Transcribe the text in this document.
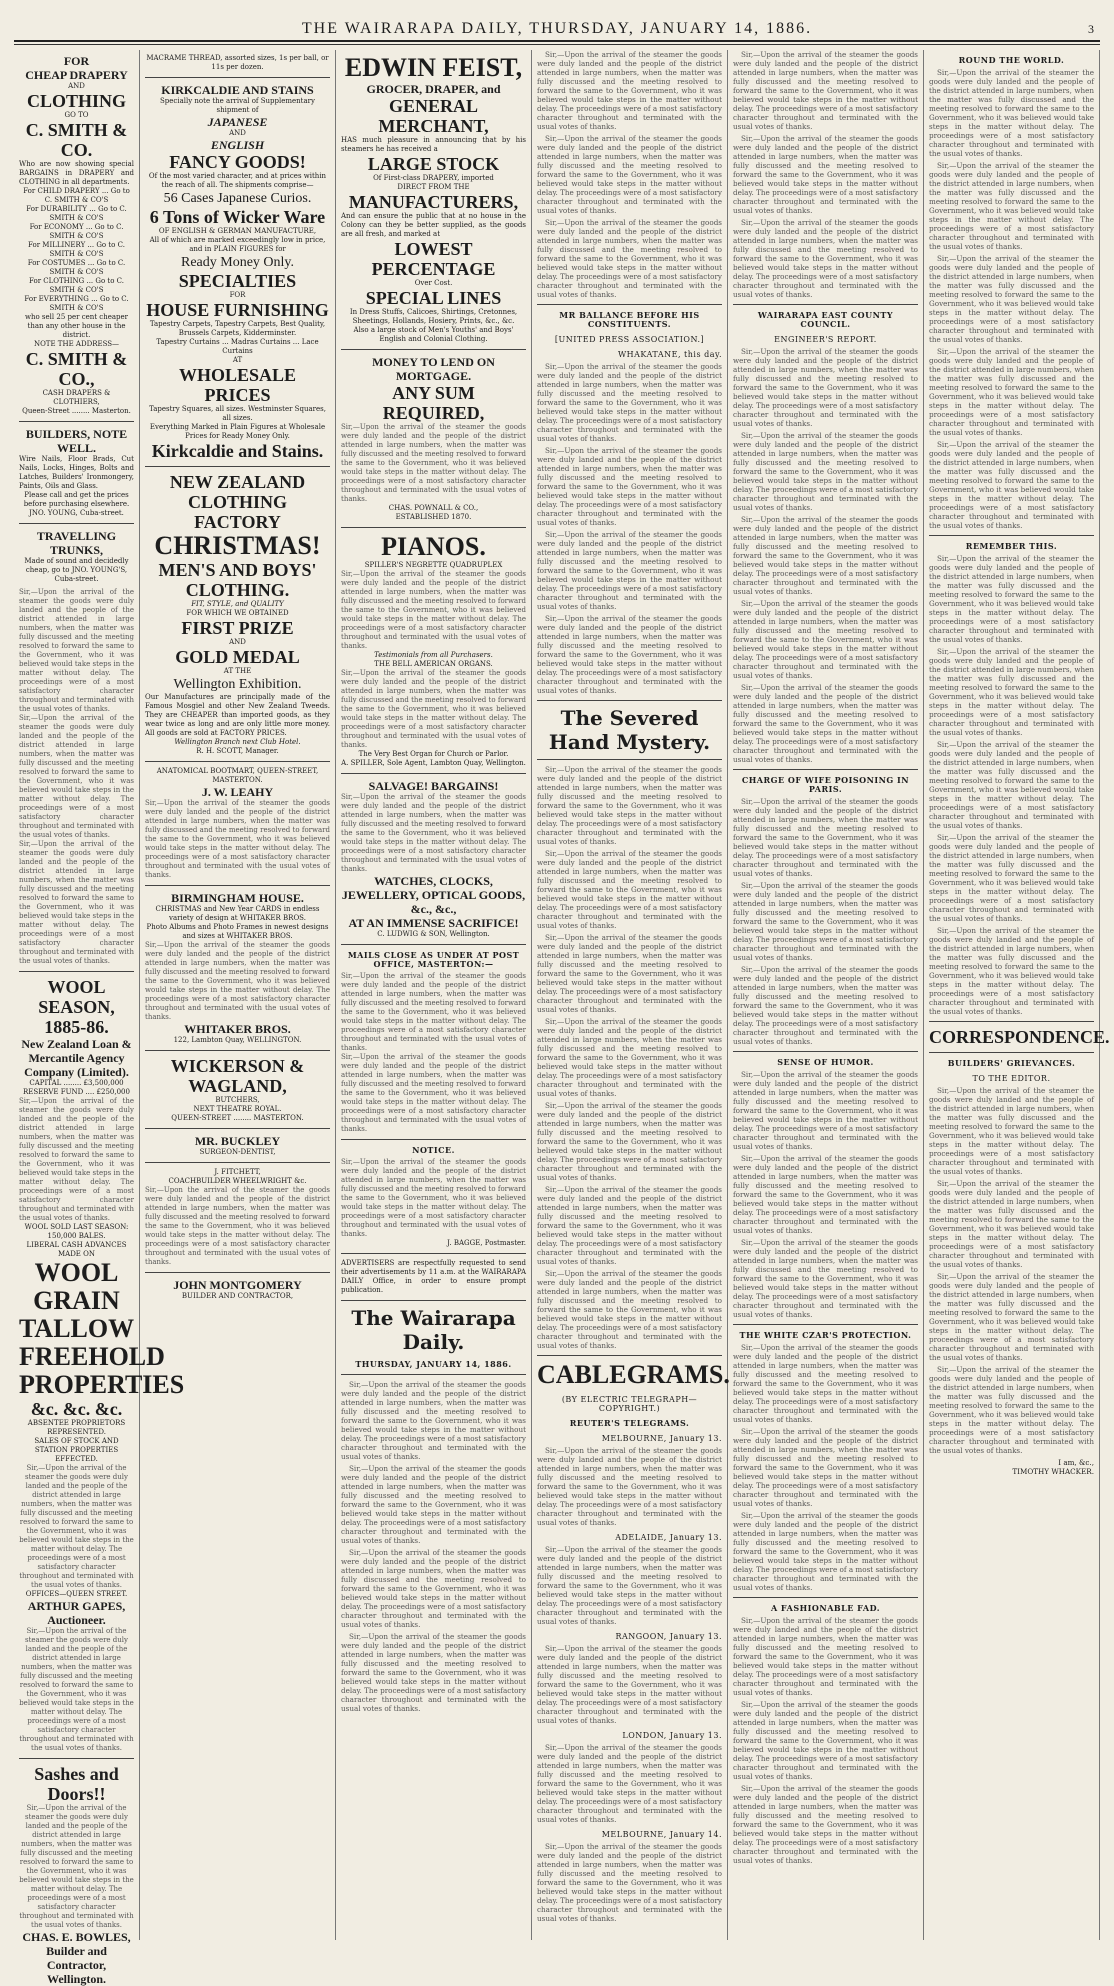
THE WAIRARAPA DAILY, THURSDAY, JANUARY 14, 1886.	3
FOR
CHEAP DRAPERY
AND
CLOTHING
GO TO
C. SMITH & CO.
Who are now showing special BARGAINS in DRAPERY and CLOTHING in all departments.
For CHILD DRAPERY ... Go to C. SMITH & CO'S
For DURABILITY ... Go to C. SMITH & CO'S
For ECONOMY ... Go to C. SMITH & CO'S
For MILLINERY ... Go to C. SMITH & CO'S
For COSTUMES ... Go to C. SMITH & CO'S
For CLOTHING ... Go to C. SMITH & CO'S
For EVERYTHING ... Go to C. SMITH & CO'S
who sell 25 per cent cheaper than any other house in the district.
NOTE THE ADDRESS—
C. SMITH & CO.,
CASH DRAPERS & CLOTHIERS,
Queen-Street ........ Masterton.
BUILDERS, NOTE WELL.
Wire Nails, Floor Brads, Cut Nails, Locks, Hinges, Bolts and Latches, Builders' Ironmongery, Paints, Oils and Glass.
Please call and get the prices before purchasing elsewhere.
JNO. YOUNG, Cuba-street.
TRAVELLING TRUNKS,
Made of sound and decidedly cheap, go to JNO. YOUNG'S, Cuba-street.
Sir,—Upon the arrival of the steamer the goods were duly landed and the people of the district attended in large numbers, when the matter was fully discussed and the meeting resolved to forward the same to the Government, who it was believed would take steps in the matter without delay. The proceedings were of a most satisfactory character throughout and terminated with the usual votes of thanks.
Sir,—Upon the arrival of the steamer the goods were duly landed and the people of the district attended in large numbers, when the matter was fully discussed and the meeting resolved to forward the same to the Government, who it was believed would take steps in the matter without delay. The proceedings were of a most satisfactory character throughout and terminated with the usual votes of thanks.
Sir,—Upon the arrival of the steamer the goods were duly landed and the people of the district attended in large numbers, when the matter was fully discussed and the meeting resolved to forward the same to the Government, who it was believed would take steps in the matter without delay. The proceedings were of a most satisfactory character throughout and terminated with the usual votes of thanks.
WOOL SEASON, 1885-86.
New Zealand Loan & Mercantile Agency Company (Limited).
CAPITAL ........ £3,500,000
RESERVE FUND .... £250,000
Sir,—Upon the arrival of the steamer the goods were duly landed and the people of the district attended in large numbers, when the matter was fully discussed and the meeting resolved to forward the same to the Government, who it was believed would take steps in the matter without delay. The proceedings were of a most satisfactory character throughout and terminated with the usual votes of thanks.
WOOL SOLD LAST SEASON: 150,000 BALES.
LIBERAL CASH ADVANCES MADE ON
WOOL
GRAIN
TALLOW
FREEHOLD
PROPERTIES
&c. &c. &c.
ABSENTEE PROPRIETORS REPRESENTED.
SALES OF STOCK AND STATION PROPERTIES EFFECTED.
Sir,—Upon the arrival of the steamer the goods were duly landed and the people of the district attended in large numbers, when the matter was fully discussed and the meeting resolved to forward the same to the Government, who it was believed would take steps in the matter without delay. The proceedings were of a most satisfactory character throughout and terminated with the usual votes of thanks.
OFFICES—QUEEN STREET.
ARTHUR GAPES, Auctioneer.
Sir,—Upon the arrival of the steamer the goods were duly landed and the people of the district attended in large numbers, when the matter was fully discussed and the meeting resolved to forward the same to the Government, who it was believed would take steps in the matter without delay. The proceedings were of a most satisfactory character throughout and terminated with the usual votes of thanks.
Sashes and Doors!!
Sir,—Upon the arrival of the steamer the goods were duly landed and the people of the district attended in large numbers, when the matter was fully discussed and the meeting resolved to forward the same to the Government, who it was believed would take steps in the matter without delay. The proceedings were of a most satisfactory character throughout and terminated with the usual votes of thanks.
CHAS. E. BOWLES, Builder and Contractor, Wellington.
MACRAME THREAD, assorted sizes, 1s per ball, or 11s per dozen.
KIRKCALDIE AND STAINS
Specially note the arrival of Supplementary shipment of
JAPANESE
AND
ENGLISH
FANCY GOODS!
Of the most varied character, and at prices within the reach of all. The shipments comprise—
56 Cases Japanese Curios.
6 Tons of Wicker Ware
OF ENGLISH & GERMAN MANUFACTURE,
All of which are marked exceedingly low in price, and in PLAIN FIGURES for
Ready Money Only.
SPECIALTIES
FOR
HOUSE FURNISHING
Tapestry Carpets, Tapestry Carpets, Best Quality, Brussels Carpets, Kidderminster.
Tapestry Curtains ... Madras Curtains ... Lace Curtains
AT
WHOLESALE PRICES
Tapestry Squares, all sizes. Westminster Squares, all sizes.
Everything Marked in Plain Figures at Wholesale Prices for Ready Money Only.
Kirkcaldie and Stains.
NEW ZEALAND CLOTHING
FACTORY
CHRISTMAS!
MEN'S AND BOYS'
CLOTHING.
FIT, STYLE, and QUALITY
FOR WHICH WE OBTAINED
FIRST PRIZE
AND
GOLD MEDAL
AT THE
Wellington Exhibition.
Our Manufactures are principally made of the Famous Mosgiel and other New Zealand Tweeds. They are CHEAPER than imported goods, as they wear twice as long and are only little more money. All goods are sold at FACTORY PRICES.
Wellington Branch next Club Hotel.
R. H. SCOTT, Manager.
ANATOMICAL BOOTMART, QUEEN-STREET, MASTERTON.
J. W. LEAHY
Sir,—Upon the arrival of the steamer the goods were duly landed and the people of the district attended in large numbers, when the matter was fully discussed and the meeting resolved to forward the same to the Government, who it was believed would take steps in the matter without delay. The proceedings were of a most satisfactory character throughout and terminated with the usual votes of thanks.
BIRMINGHAM HOUSE.
CHRISTMAS and New Year CARDS in endless variety of design at WHITAKER BROS.
Photo Albums and Photo Frames in newest designs and sizes at WHITAKER BROS.
Sir,—Upon the arrival of the steamer the goods were duly landed and the people of the district attended in large numbers, when the matter was fully discussed and the meeting resolved to forward the same to the Government, who it was believed would take steps in the matter without delay. The proceedings were of a most satisfactory character throughout and terminated with the usual votes of thanks.
WHITAKER BROS.
122, Lambton Quay, WELLINGTON.
WICKERSON & WAGLAND,
BUTCHERS,
NEXT THEATRE ROYAL.
QUEEN-STREET ........ MASTERTON.
MR. BUCKLEY
SURGEON-DENTIST,
J. FITCHETT,
COACHBUILDER WHEELWRIGHT &c.
Sir,—Upon the arrival of the steamer the goods were duly landed and the people of the district attended in large numbers, when the matter was fully discussed and the meeting resolved to forward the same to the Government, who it was believed would take steps in the matter without delay. The proceedings were of a most satisfactory character throughout and terminated with the usual votes of thanks.
JOHN MONTGOMERY
BUILDER AND CONTRACTOR,
EDWIN FEIST,
GROCER, DRAPER, and
GENERAL MERCHANT,
HAS much pleasure in announcing that by his steamers he has received a
LARGE STOCK
Of First-class DRAPERY, imported
DIRECT FROM THE
MANUFACTURERS,
And can ensure the public that at no house in the Colony can they be better supplied, as the goods are all fresh, and marked at
LOWEST PERCENTAGE
Over Cost.
SPECIAL LINES
In Dress Stuffs, Calicoes, Shirtings, Cretonnes, Sheetings, Hollands, Hosiery, Prints, &c., &c.
Also a large stock of Men's Youths' and Boys' English and Colonial Clothing.
MONEY TO LEND ON MORTGAGE.
ANY SUM REQUIRED,
Sir,—Upon the arrival of the steamer the goods were duly landed and the people of the district attended in large numbers, when the matter was fully discussed and the meeting resolved to forward the same to the Government, who it was believed would take steps in the matter without delay. The proceedings were of a most satisfactory character throughout and terminated with the usual votes of thanks.
CHAS. POWNALL & CO.,
ESTABLISHED 1870.
PIANOS.
SPILLER'S NEGRETTE QUADRUPLEX
Sir,—Upon the arrival of the steamer the goods were duly landed and the people of the district attended in large numbers, when the matter was fully discussed and the meeting resolved to forward the same to the Government, who it was believed would take steps in the matter without delay. The proceedings were of a most satisfactory character throughout and terminated with the usual votes of thanks.
Testimonials from all Purchasers.
THE BELL AMERICAN ORGANS.
Sir,—Upon the arrival of the steamer the goods were duly landed and the people of the district attended in large numbers, when the matter was fully discussed and the meeting resolved to forward the same to the Government, who it was believed would take steps in the matter without delay. The proceedings were of a most satisfactory character throughout and terminated with the usual votes of thanks.
The Very Best Organ for Church or Parlor.
A. SPILLER, Sole Agent, Lambton Quay, Wellington.
SALVAGE! BARGAINS!
Sir,—Upon the arrival of the steamer the goods were duly landed and the people of the district attended in large numbers, when the matter was fully discussed and the meeting resolved to forward the same to the Government, who it was believed would take steps in the matter without delay. The proceedings were of a most satisfactory character throughout and terminated with the usual votes of thanks.
WATCHES, CLOCKS, JEWELLERY, OPTICAL GOODS, &c., &c.,
AT AN IMMENSE SACRIFICE!
C. LUDWIG & SON, Wellington.
MAILS CLOSE AS UNDER AT POST OFFICE, MASTERTON:—
Sir,—Upon the arrival of the steamer the goods were duly landed and the people of the district attended in large numbers, when the matter was fully discussed and the meeting resolved to forward the same to the Government, who it was believed would take steps in the matter without delay. The proceedings were of a most satisfactory character throughout and terminated with the usual votes of thanks.
Sir,—Upon the arrival of the steamer the goods were duly landed and the people of the district attended in large numbers, when the matter was fully discussed and the meeting resolved to forward the same to the Government, who it was believed would take steps in the matter without delay. The proceedings were of a most satisfactory character throughout and terminated with the usual votes of thanks.
NOTICE.
Sir,—Upon the arrival of the steamer the goods were duly landed and the people of the district attended in large numbers, when the matter was fully discussed and the meeting resolved to forward the same to the Government, who it was believed would take steps in the matter without delay. The proceedings were of a most satisfactory character throughout and terminated with the usual votes of thanks.
J. BAGGE, Postmaster.
ADVERTISERS are respectfully requested to send their advertisements by 11 a.m. at the WAIRARAPA DAILY Office, in order to ensure prompt publication.
The Wairarapa Daily.
THURSDAY, JANUARY 14, 1886.

Sir,—Upon the arrival of the steamer the goods were duly landed and the people of the district attended in large numbers, when the matter was fully discussed and the meeting resolved to forward the same to the Government, who it was believed would take steps in the matter without delay. The proceedings were of a most satisfactory character throughout and terminated with the usual votes of thanks.

Sir,—Upon the arrival of the steamer the goods were duly landed and the people of the district attended in large numbers, when the matter was fully discussed and the meeting resolved to forward the same to the Government, who it was believed would take steps in the matter without delay. The proceedings were of a most satisfactory character throughout and terminated with the usual votes of thanks.

Sir,—Upon the arrival of the steamer the goods were duly landed and the people of the district attended in large numbers, when the matter was fully discussed and the meeting resolved to forward the same to the Government, who it was believed would take steps in the matter without delay. The proceedings were of a most satisfactory character throughout and terminated with the usual votes of thanks.

Sir,—Upon the arrival of the steamer the goods were duly landed and the people of the district attended in large numbers, when the matter was fully discussed and the meeting resolved to forward the same to the Government, who it was believed would take steps in the matter without delay. The proceedings were of a most satisfactory character throughout and terminated with the usual votes of thanks.

Sir,—Upon the arrival of the steamer the goods were duly landed and the people of the district attended in large numbers, when the matter was fully discussed and the meeting resolved to forward the same to the Government, who it was believed would take steps in the matter without delay. The proceedings were of a most satisfactory character throughout and terminated with the usual votes of thanks.

Sir,—Upon the arrival of the steamer the goods were duly landed and the people of the district attended in large numbers, when the matter was fully discussed and the meeting resolved to forward the same to the Government, who it was believed would take steps in the matter without delay. The proceedings were of a most satisfactory character throughout and terminated with the usual votes of thanks.

Sir,—Upon the arrival of the steamer the goods were duly landed and the people of the district attended in large numbers, when the matter was fully discussed and the meeting resolved to forward the same to the Government, who it was believed would take steps in the matter without delay. The proceedings were of a most satisfactory character throughout and terminated with the usual votes of thanks.

MR BALLANCE BEFORE HIS CONSTITUENTS.
[UNITED PRESS ASSOCIATION.]
WHAKATANE, this day.

Sir,—Upon the arrival of the steamer the goods were duly landed and the people of the district attended in large numbers, when the matter was fully discussed and the meeting resolved to forward the same to the Government, who it was believed would take steps in the matter without delay. The proceedings were of a most satisfactory character throughout and terminated with the usual votes of thanks.

Sir,—Upon the arrival of the steamer the goods were duly landed and the people of the district attended in large numbers, when the matter was fully discussed and the meeting resolved to forward the same to the Government, who it was believed would take steps in the matter without delay. The proceedings were of a most satisfactory character throughout and terminated with the usual votes of thanks.

Sir,—Upon the arrival of the steamer the goods were duly landed and the people of the district attended in large numbers, when the matter was fully discussed and the meeting resolved to forward the same to the Government, who it was believed would take steps in the matter without delay. The proceedings were of a most satisfactory character throughout and terminated with the usual votes of thanks.

Sir,—Upon the arrival of the steamer the goods were duly landed and the people of the district attended in large numbers, when the matter was fully discussed and the meeting resolved to forward the same to the Government, who it was believed would take steps in the matter without delay. The proceedings were of a most satisfactory character throughout and terminated with the usual votes of thanks.

The Severed Hand Mystery.

Sir,—Upon the arrival of the steamer the goods were duly landed and the people of the district attended in large numbers, when the matter was fully discussed and the meeting resolved to forward the same to the Government, who it was believed would take steps in the matter without delay. The proceedings were of a most satisfactory character throughout and terminated with the usual votes of thanks.

Sir,—Upon the arrival of the steamer the goods were duly landed and the people of the district attended in large numbers, when the matter was fully discussed and the meeting resolved to forward the same to the Government, who it was believed would take steps in the matter without delay. The proceedings were of a most satisfactory character throughout and terminated with the usual votes of thanks.

Sir,—Upon the arrival of the steamer the goods were duly landed and the people of the district attended in large numbers, when the matter was fully discussed and the meeting resolved to forward the same to the Government, who it was believed would take steps in the matter without delay. The proceedings were of a most satisfactory character throughout and terminated with the usual votes of thanks.

Sir,—Upon the arrival of the steamer the goods were duly landed and the people of the district attended in large numbers, when the matter was fully discussed and the meeting resolved to forward the same to the Government, who it was believed would take steps in the matter without delay. The proceedings were of a most satisfactory character throughout and terminated with the usual votes of thanks.

Sir,—Upon the arrival of the steamer the goods were duly landed and the people of the district attended in large numbers, when the matter was fully discussed and the meeting resolved to forward the same to the Government, who it was believed would take steps in the matter without delay. The proceedings were of a most satisfactory character throughout and terminated with the usual votes of thanks.

Sir,—Upon the arrival of the steamer the goods were duly landed and the people of the district attended in large numbers, when the matter was fully discussed and the meeting resolved to forward the same to the Government, who it was believed would take steps in the matter without delay. The proceedings were of a most satisfactory character throughout and terminated with the usual votes of thanks.

Sir,—Upon the arrival of the steamer the goods were duly landed and the people of the district attended in large numbers, when the matter was fully discussed and the meeting resolved to forward the same to the Government, who it was believed would take steps in the matter without delay. The proceedings were of a most satisfactory character throughout and terminated with the usual votes of thanks.

CABLEGRAMS.
(BY ELECTRIC TELEGRAPH—COPYRIGHT.)
REUTER'S TELEGRAMS.
MELBOURNE, January 13.

Sir,—Upon the arrival of the steamer the goods were duly landed and the people of the district attended in large numbers, when the matter was fully discussed and the meeting resolved to forward the same to the Government, who it was believed would take steps in the matter without delay. The proceedings were of a most satisfactory character throughout and terminated with the usual votes of thanks.

ADELAIDE, January 13.

Sir,—Upon the arrival of the steamer the goods were duly landed and the people of the district attended in large numbers, when the matter was fully discussed and the meeting resolved to forward the same to the Government, who it was believed would take steps in the matter without delay. The proceedings were of a most satisfactory character throughout and terminated with the usual votes of thanks.

RANGOON, January 13.

Sir,—Upon the arrival of the steamer the goods were duly landed and the people of the district attended in large numbers, when the matter was fully discussed and the meeting resolved to forward the same to the Government, who it was believed would take steps in the matter without delay. The proceedings were of a most satisfactory character throughout and terminated with the usual votes of thanks.

LONDON, January 13.

Sir,—Upon the arrival of the steamer the goods were duly landed and the people of the district attended in large numbers, when the matter was fully discussed and the meeting resolved to forward the same to the Government, who it was believed would take steps in the matter without delay. The proceedings were of a most satisfactory character throughout and terminated with the usual votes of thanks.

MELBOURNE, January 14.

Sir,—Upon the arrival of the steamer the goods were duly landed and the people of the district attended in large numbers, when the matter was fully discussed and the meeting resolved to forward the same to the Government, who it was believed would take steps in the matter without delay. The proceedings were of a most satisfactory character throughout and terminated with the usual votes of thanks.

Sir,—Upon the arrival of the steamer the goods were duly landed and the people of the district attended in large numbers, when the matter was fully discussed and the meeting resolved to forward the same to the Government, who it was believed would take steps in the matter without delay. The proceedings were of a most satisfactory character throughout and terminated with the usual votes of thanks.

Sir,—Upon the arrival of the steamer the goods were duly landed and the people of the district attended in large numbers, when the matter was fully discussed and the meeting resolved to forward the same to the Government, who it was believed would take steps in the matter without delay. The proceedings were of a most satisfactory character throughout and terminated with the usual votes of thanks.

Sir,—Upon the arrival of the steamer the goods were duly landed and the people of the district attended in large numbers, when the matter was fully discussed and the meeting resolved to forward the same to the Government, who it was believed would take steps in the matter without delay. The proceedings were of a most satisfactory character throughout and terminated with the usual votes of thanks.

WAIRARAPA EAST COUNTY COUNCIL.
ENGINEER'S REPORT.

Sir,—Upon the arrival of the steamer the goods were duly landed and the people of the district attended in large numbers, when the matter was fully discussed and the meeting resolved to forward the same to the Government, who it was believed would take steps in the matter without delay. The proceedings were of a most satisfactory character throughout and terminated with the usual votes of thanks.

Sir,—Upon the arrival of the steamer the goods were duly landed and the people of the district attended in large numbers, when the matter was fully discussed and the meeting resolved to forward the same to the Government, who it was believed would take steps in the matter without delay. The proceedings were of a most satisfactory character throughout and terminated with the usual votes of thanks.

Sir,—Upon the arrival of the steamer the goods were duly landed and the people of the district attended in large numbers, when the matter was fully discussed and the meeting resolved to forward the same to the Government, who it was believed would take steps in the matter without delay. The proceedings were of a most satisfactory character throughout and terminated with the usual votes of thanks.

Sir,—Upon the arrival of the steamer the goods were duly landed and the people of the district attended in large numbers, when the matter was fully discussed and the meeting resolved to forward the same to the Government, who it was believed would take steps in the matter without delay. The proceedings were of a most satisfactory character throughout and terminated with the usual votes of thanks.

Sir,—Upon the arrival of the steamer the goods were duly landed and the people of the district attended in large numbers, when the matter was fully discussed and the meeting resolved to forward the same to the Government, who it was believed would take steps in the matter without delay. The proceedings were of a most satisfactory character throughout and terminated with the usual votes of thanks.

CHARGE OF WIFE POISONING IN PARIS.

Sir,—Upon the arrival of the steamer the goods were duly landed and the people of the district attended in large numbers, when the matter was fully discussed and the meeting resolved to forward the same to the Government, who it was believed would take steps in the matter without delay. The proceedings were of a most satisfactory character throughout and terminated with the usual votes of thanks.

Sir,—Upon the arrival of the steamer the goods were duly landed and the people of the district attended in large numbers, when the matter was fully discussed and the meeting resolved to forward the same to the Government, who it was believed would take steps in the matter without delay. The proceedings were of a most satisfactory character throughout and terminated with the usual votes of thanks.

Sir,—Upon the arrival of the steamer the goods were duly landed and the people of the district attended in large numbers, when the matter was fully discussed and the meeting resolved to forward the same to the Government, who it was believed would take steps in the matter without delay. The proceedings were of a most satisfactory character throughout and terminated with the usual votes of thanks.

SENSE OF HUMOR.

Sir,—Upon the arrival of the steamer the goods were duly landed and the people of the district attended in large numbers, when the matter was fully discussed and the meeting resolved to forward the same to the Government, who it was believed would take steps in the matter without delay. The proceedings were of a most satisfactory character throughout and terminated with the usual votes of thanks.

Sir,—Upon the arrival of the steamer the goods were duly landed and the people of the district attended in large numbers, when the matter was fully discussed and the meeting resolved to forward the same to the Government, who it was believed would take steps in the matter without delay. The proceedings were of a most satisfactory character throughout and terminated with the usual votes of thanks.

Sir,—Upon the arrival of the steamer the goods were duly landed and the people of the district attended in large numbers, when the matter was fully discussed and the meeting resolved to forward the same to the Government, who it was believed would take steps in the matter without delay. The proceedings were of a most satisfactory character throughout and terminated with the usual votes of thanks.

THE WHITE CZAR'S PROTECTION.

Sir,—Upon the arrival of the steamer the goods were duly landed and the people of the district attended in large numbers, when the matter was fully discussed and the meeting resolved to forward the same to the Government, who it was believed would take steps in the matter without delay. The proceedings were of a most satisfactory character throughout and terminated with the usual votes of thanks.

Sir,—Upon the arrival of the steamer the goods were duly landed and the people of the district attended in large numbers, when the matter was fully discussed and the meeting resolved to forward the same to the Government, who it was believed would take steps in the matter without delay. The proceedings were of a most satisfactory character throughout and terminated with the usual votes of thanks.

Sir,—Upon the arrival of the steamer the goods were duly landed and the people of the district attended in large numbers, when the matter was fully discussed and the meeting resolved to forward the same to the Government, who it was believed would take steps in the matter without delay. The proceedings were of a most satisfactory character throughout and terminated with the usual votes of thanks.

A FASHIONABLE FAD.

Sir,—Upon the arrival of the steamer the goods were duly landed and the people of the district attended in large numbers, when the matter was fully discussed and the meeting resolved to forward the same to the Government, who it was believed would take steps in the matter without delay. The proceedings were of a most satisfactory character throughout and terminated with the usual votes of thanks.

Sir,—Upon the arrival of the steamer the goods were duly landed and the people of the district attended in large numbers, when the matter was fully discussed and the meeting resolved to forward the same to the Government, who it was believed would take steps in the matter without delay. The proceedings were of a most satisfactory character throughout and terminated with the usual votes of thanks.

Sir,—Upon the arrival of the steamer the goods were duly landed and the people of the district attended in large numbers, when the matter was fully discussed and the meeting resolved to forward the same to the Government, who it was believed would take steps in the matter without delay. The proceedings were of a most satisfactory character throughout and terminated with the usual votes of thanks.

ROUND THE WORLD.

Sir,—Upon the arrival of the steamer the goods were duly landed and the people of the district attended in large numbers, when the matter was fully discussed and the meeting resolved to forward the same to the Government, who it was believed would take steps in the matter without delay. The proceedings were of a most satisfactory character throughout and terminated with the usual votes of thanks.

Sir,—Upon the arrival of the steamer the goods were duly landed and the people of the district attended in large numbers, when the matter was fully discussed and the meeting resolved to forward the same to the Government, who it was believed would take steps in the matter without delay. The proceedings were of a most satisfactory character throughout and terminated with the usual votes of thanks.

Sir,—Upon the arrival of the steamer the goods were duly landed and the people of the district attended in large numbers, when the matter was fully discussed and the meeting resolved to forward the same to the Government, who it was believed would take steps in the matter without delay. The proceedings were of a most satisfactory character throughout and terminated with the usual votes of thanks.

Sir,—Upon the arrival of the steamer the goods were duly landed and the people of the district attended in large numbers, when the matter was fully discussed and the meeting resolved to forward the same to the Government, who it was believed would take steps in the matter without delay. The proceedings were of a most satisfactory character throughout and terminated with the usual votes of thanks.

Sir,—Upon the arrival of the steamer the goods were duly landed and the people of the district attended in large numbers, when the matter was fully discussed and the meeting resolved to forward the same to the Government, who it was believed would take steps in the matter without delay. The proceedings were of a most satisfactory character throughout and terminated with the usual votes of thanks.

REMEMBER THIS.

Sir,—Upon the arrival of the steamer the goods were duly landed and the people of the district attended in large numbers, when the matter was fully discussed and the meeting resolved to forward the same to the Government, who it was believed would take steps in the matter without delay. The proceedings were of a most satisfactory character throughout and terminated with the usual votes of thanks.

Sir,—Upon the arrival of the steamer the goods were duly landed and the people of the district attended in large numbers, when the matter was fully discussed and the meeting resolved to forward the same to the Government, who it was believed would take steps in the matter without delay. The proceedings were of a most satisfactory character throughout and terminated with the usual votes of thanks.

Sir,—Upon the arrival of the steamer the goods were duly landed and the people of the district attended in large numbers, when the matter was fully discussed and the meeting resolved to forward the same to the Government, who it was believed would take steps in the matter without delay. The proceedings were of a most satisfactory character throughout and terminated with the usual votes of thanks.

Sir,—Upon the arrival of the steamer the goods were duly landed and the people of the district attended in large numbers, when the matter was fully discussed and the meeting resolved to forward the same to the Government, who it was believed would take steps in the matter without delay. The proceedings were of a most satisfactory character throughout and terminated with the usual votes of thanks.

Sir,—Upon the arrival of the steamer the goods were duly landed and the people of the district attended in large numbers, when the matter was fully discussed and the meeting resolved to forward the same to the Government, who it was believed would take steps in the matter without delay. The proceedings were of a most satisfactory character throughout and terminated with the usual votes of thanks.

CORRESPONDENCE.
BUILDERS' GRIEVANCES.
TO THE EDITOR.

Sir,—Upon the arrival of the steamer the goods were duly landed and the people of the district attended in large numbers, when the matter was fully discussed and the meeting resolved to forward the same to the Government, who it was believed would take steps in the matter without delay. The proceedings were of a most satisfactory character throughout and terminated with the usual votes of thanks.

Sir,—Upon the arrival of the steamer the goods were duly landed and the people of the district attended in large numbers, when the matter was fully discussed and the meeting resolved to forward the same to the Government, who it was believed would take steps in the matter without delay. The proceedings were of a most satisfactory character throughout and terminated with the usual votes of thanks.

Sir,—Upon the arrival of the steamer the goods were duly landed and the people of the district attended in large numbers, when the matter was fully discussed and the meeting resolved to forward the same to the Government, who it was believed would take steps in the matter without delay. The proceedings were of a most satisfactory character throughout and terminated with the usual votes of thanks.

Sir,—Upon the arrival of the steamer the goods were duly landed and the people of the district attended in large numbers, when the matter was fully discussed and the meeting resolved to forward the same to the Government, who it was believed would take steps in the matter without delay. The proceedings were of a most satisfactory character throughout and terminated with the usual votes of thanks.

I am, &c.,
TIMOTHY WHACKER.
